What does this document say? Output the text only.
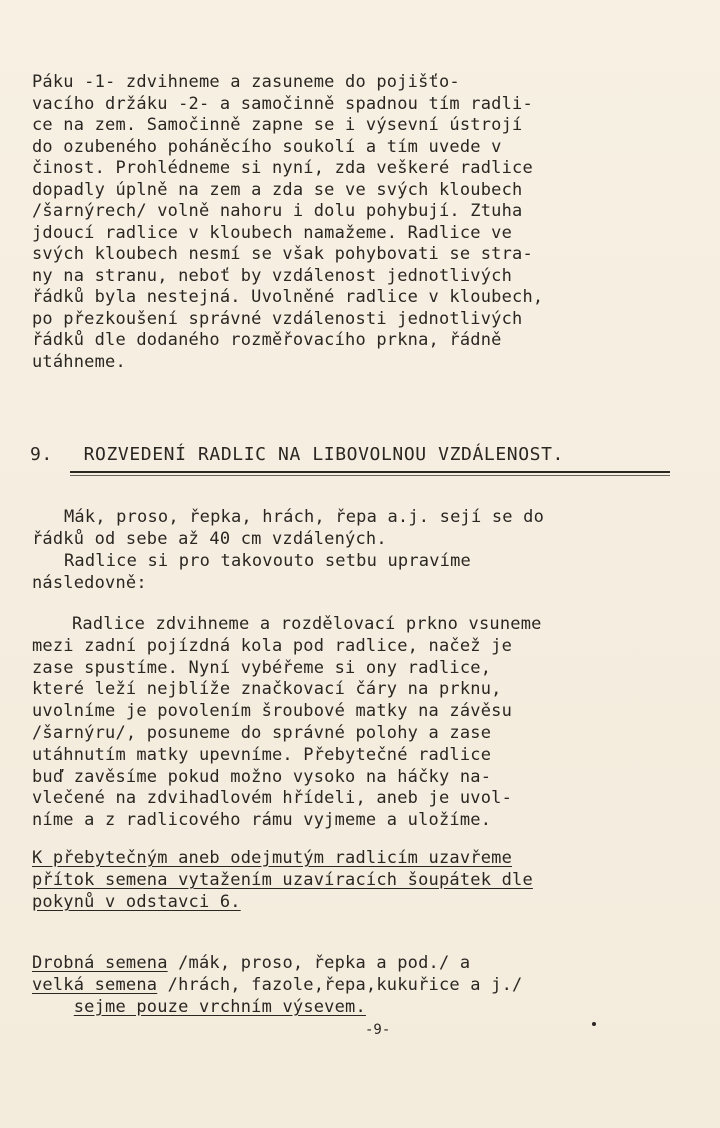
Páku -1- zdvihneme a zasuneme do pojišťo-
vacího držáku -2- a samočinně spadnou tím radli-
ce na zem. Samočinně zapne se i výsevní ústrojí
do ozubeného poháněcího soukolí a tím uvede v
činost. Prohlédneme si nyní, zda veškeré radlice
dopadly úplně na zem a zda se ve svých kloubech
/šarnýrech/ volně nahoru i dolu pohybují. Ztuha
jdoucí radlice v kloubech namažeme. Radlice ve
svých kloubech nesmí se však pohybovati se stra-
ny na stranu, neboť by vzdálenost jednotlivých
řádků byla nestejná. Uvolněné radlice v kloubech,
po přezkoušení správné vzdálenosti jednotlivých
řádků dle dodaného rozměřovacího prkna, řádně
utáhneme.
9. ROZVEDENÍ RADLIC NA LIBOVOLNOU VZDÁLENOST.
Mák, proso, řepka, hrách, řepa a.j. sejí se do
řádků od sebe až 40 cm vzdálených.
Radlice si pro takovouto setbu upravíme
následovně:
Radlice zdvihneme a rozdělovací prkno vsuneme
mezi zadní pojízdná kola pod radlice, načež je
zase spustíme. Nyní vybéřeme si ony radlice,
které leží nejblíže značkovací čáry na prknu,
uvolníme je povolením šroubové matky na závěsu
/šarnýru/, posuneme do správné polohy a zase
utáhnutím matky upevníme. Přebytečné radlice
buď zavěsíme pokud možno vysoko na háčky na-
vlečené na zdvihadlovém hřídeli, aneb je uvol-
níme a z radlicového rámu vyjmeme a uložíme.
K přebytečným aneb odejmutým radlicím uzavřeme
přítok semena vytažením uzavíracích šoupátek dle
pokynů v odstavci 6.
Drobná semena /mák, proso, řepka a pod./ a
velká semena /hrách, fazole,řepa,kukuřice a j./
sejme pouze vrchním výsevem.
-9-
